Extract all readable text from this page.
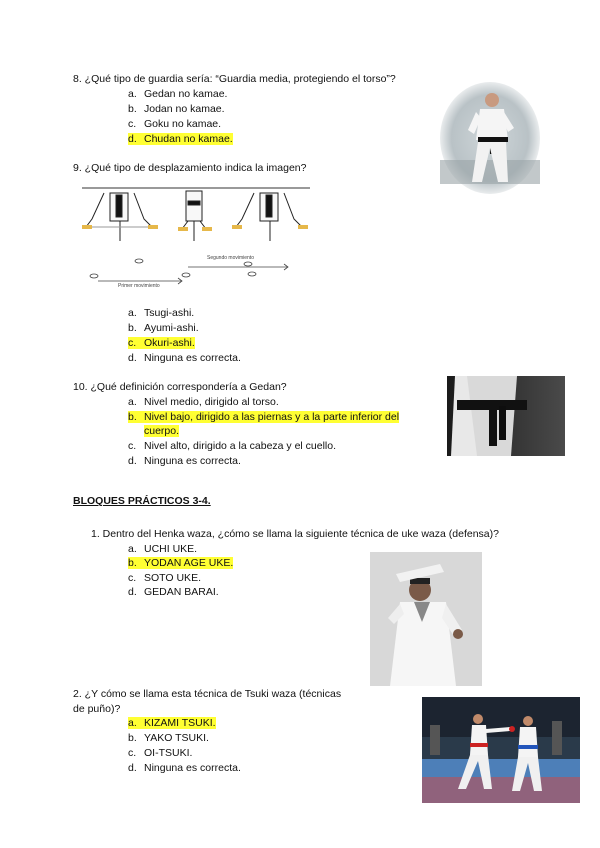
8. ¿Qué tipo de guardia sería: “Guardia media, protegiendo el torso”?
a. Gedan no kamae.
b. Jodan no kamae.
c. Goku no kamae.
d. Chudan no kamae.
9. ¿Qué tipo de desplazamiento indica la imagen?
Segundo movimiento
Primer movimiento
a. Tsugi-ashi.
b. Ayumi-ashi.
c. Okuri-ashi.
d. Ninguna es correcta.
10. ¿Qué definición correspondería a Gedan?
a. Nivel medio, dirigido al torso.
b. Nivel bajo, dirigido a las piernas y a la parte inferior del
cuerpo.
c. Nivel alto, dirigido a la cabeza y el cuello.
d. Ninguna es correcta.
BLOQUES PRÁCTICOS 3-4.
1. Dentro del Henka waza, ¿cómo se llama la siguiente técnica de uke waza (defensa)?
a. UCHI UKE.
b. YODAN AGE UKE.
c. SOTO UKE.
d. GEDAN BARAI.
2. ¿Y cómo se llama esta técnica de Tsuki waza (técnicas
de puño)?
a. KIZAMI TSUKI.
b. YAKO TSUKI.
c. OI-TSUKI.
d. Ninguna es correcta.
